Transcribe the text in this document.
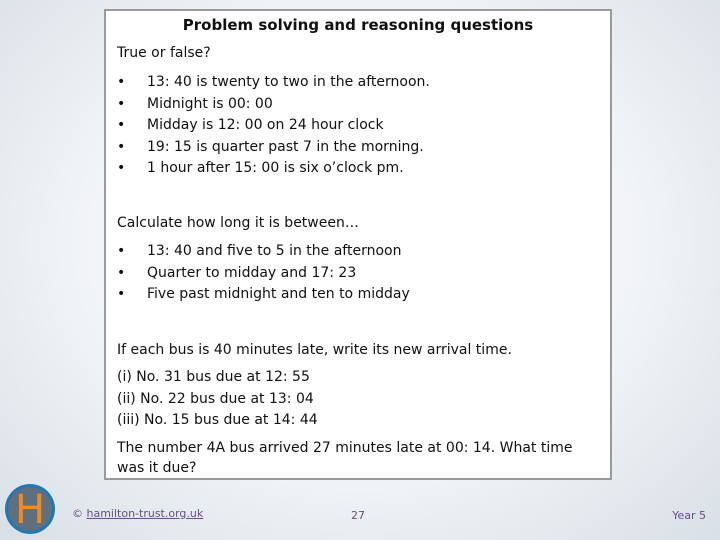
Problem solving and reasoning questions
True or false?
• 13: 40 is twenty to two in the afternoon.
• Midnight is 00: 00
• Midday is 12: 00 on 24 hour clock
• 19: 15 is quarter past 7 in the morning.
• 1 hour after 15: 00 is six o’clock pm.
Calculate how long it is between…
• 13: 40 and five to 5 in the afternoon
• Quarter to midday and 17: 23
• Five past midnight and ten to midday
If each bus is 40 minutes late, write its new arrival time.
(i) No. 31 bus due at 12: 55
(ii) No. 22 bus due at 13: 04
(iii) No. 15 bus due at 14: 44
The number 4A bus arrived 27 minutes late at 00: 14. What time was it due?
H © hamilton-trust.org.uk	27	Year 5
